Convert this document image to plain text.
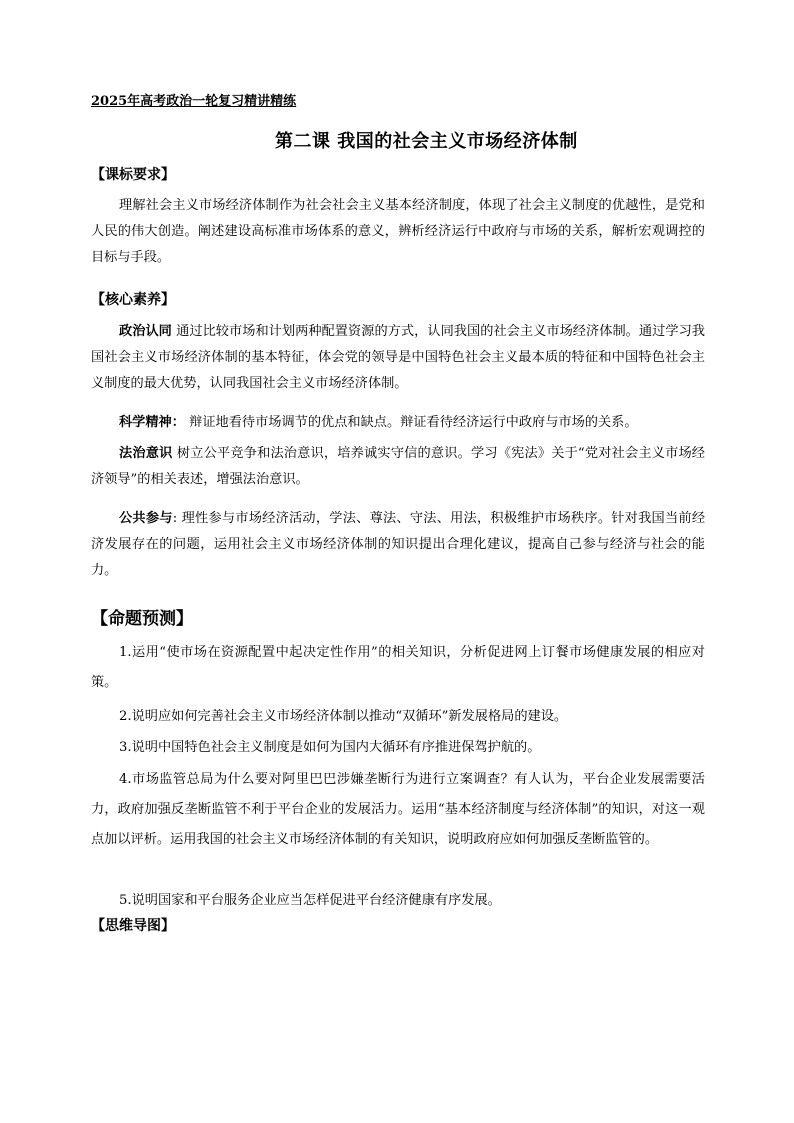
2025年高考政治一轮复习精讲精练
第二课 我国的社会主义市场经济体制
【课标要求】
理解社会主义市场经济体制作为社会社会主义基本经济制度，体现了社会主义制度的优越性，是党和人民的伟大创造。阐述建设高标准市场体系的意义，辨析经济运行中政府与市场的关系，解析宏观调控的目标与手段。
【核心素养】
政治认同 通过比较市场和计划两种配置资源的方式，认同我国的社会主义市场经济体制。通过学习我国社会主义市场经济体制的基本特征，体会党的领导是中国特色社会主义最本质的特征和中国特色社会主义制度的最大优势，认同我国社会主义市场经济体制。
科学精神： 辩证地看待市场调节的优点和缺点。辩证看待经济运行中政府与市场的关系。
法治意识 树立公平竞争和法治意识，培养诚实守信的意识。学习《宪法》关于“党对社会主义市场经济领导”的相关表述，增强法治意识。
公共参与: 理性参与市场经济活动，学法、尊法、守法、用法，积极维护市场秩序。针对我国当前经济发展存在的问题，运用社会主义市场经济体制的知识提出合理化建议，提高自己参与经济与社会的能力。
【命题预测】
1.运用“使市场在资源配置中起决定性作用”的相关知识，分析促进网上订餐市场健康发展的相应对策。
2.说明应如何完善社会主义市场经济体制以推动“双循环”新发展格局的建设。
3.说明中国特色社会主义制度是如何为国内大循环有序推进保驾护航的。
4.市场监管总局为什么要对阿里巴巴涉嫌垄断行为进行立案调查？有人认为，平台企业发展需要活力，政府加强反垄断监管不利于平台企业的发展活力。运用“基本经济制度与经济体制”的知识，对这一观点加以评析。运用我国的社会主义市场经济体制的有关知识，说明政府应如何加强反垄断监管的。
5.说明国家和平台服务企业应当怎样促进平台经济健康有序发展。
【思维导图】
